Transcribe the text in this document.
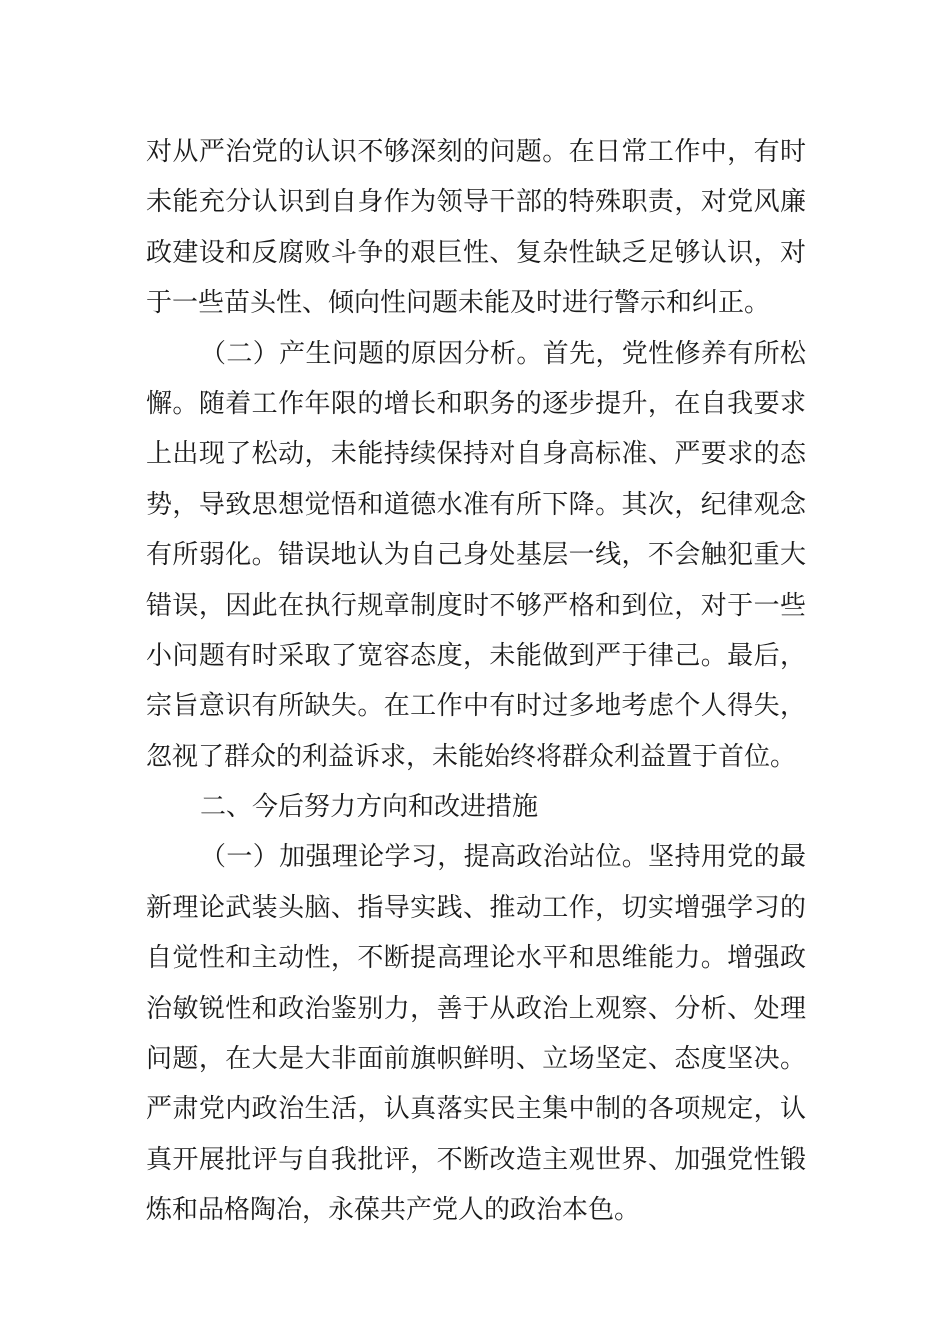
对从严治党的认识不够深刻的问题。在日常工作中，有时
未能充分认识到自身作为领导干部的特殊职责，对党风廉
政建设和反腐败斗争的艰巨性、复杂性缺乏足够认识，对
于一些苗头性、倾向性问题未能及时进行警示和纠正。
（二）产生问题的原因分析。首先，党性修养有所松
懈。随着工作年限的增长和职务的逐步提升，在自我要求
上出现了松动，未能持续保持对自身高标准、严要求的态
势，导致思想觉悟和道德水准有所下降。其次，纪律观念
有所弱化。错误地认为自己身处基层一线，不会触犯重大
错误，因此在执行规章制度时不够严格和到位，对于一些
小问题有时采取了宽容态度，未能做到严于律己。最后，
宗旨意识有所缺失。在工作中有时过多地考虑个人得失，
忽视了群众的利益诉求，未能始终将群众利益置于首位。
二、今后努力方向和改进措施
（一）加强理论学习，提高政治站位。坚持用党的最
新理论武装头脑、指导实践、推动工作，切实增强学习的
自觉性和主动性，不断提高理论水平和思维能力。增强政
治敏锐性和政治鉴别力，善于从政治上观察、分析、处理
问题，在大是大非面前旗帜鲜明、立场坚定、态度坚决。
严肃党内政治生活，认真落实民主集中制的各项规定，认
真开展批评与自我批评，不断改造主观世界、加强党性锻
炼和品格陶冶，永葆共产党人的政治本色。
